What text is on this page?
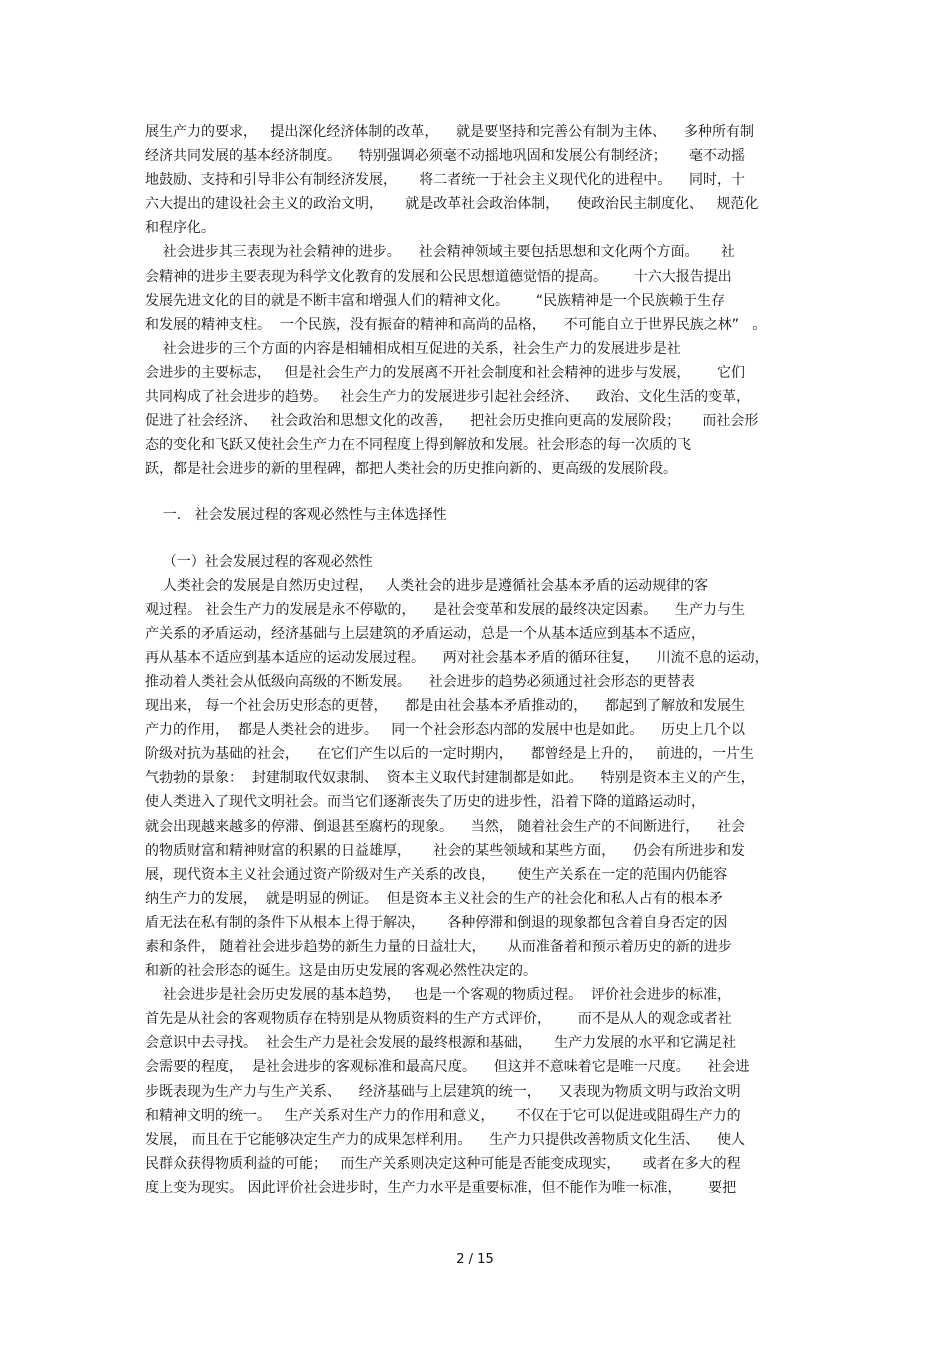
展生产力的要求，   提出深化经济体制的改革，    就是要坚持和完善公有制为主体、    多种所有制
经济共同发展的基本经济制度。    特别强调必须毫不动摇地巩固和发展公有制经济；     毫不动摇
地鼓励、支持和引导非公有制经济发展，     将二者统一于社会主义现代化的进程中。    同时，十
六大提出的建设社会主义的政治文明，     就是改革社会政治体制，    使政治民主制度化、   规范化
和程序化。
社会进步其三表现为社会精神的进步。    社会精神领域主要包括思想和文化两个方面。     社
会精神的进步主要表现为科学文化教育的发展和公民思想道德觉悟的提高。      十六大报告提出
发展先进文化的目的就是不断丰富和增强人们的精神文化。      “民族精神是一个民族赖于生存
和发展的精神支柱。  一个民族，没有振奋的精神和高尚的品格，    不可能自立于世界民族之林”   。
社会进步的三个方面的内容是相辅相成相互促进的关系，社会生产力的发展进步是社
会进步的主要标志，   但是社会生产力的发展离不开社会制度和社会精神的进步与发展，      它们
共同构成了社会进步的趋势。   社会生产力的发展进步引起社会经济、    政治、文化生活的变革，
促进了社会经济、   社会政治和思想文化的改善，    把社会历史推向更高的发展阶段；     而社会形
态的变化和飞跃又使社会生产力在不同程度上得到解放和发展。社会形态的每一次质的飞
跃，都是社会进步的新的里程碑，都把人类社会的历史推向新的、更高级的发展阶段。
一.   社会发展过程的客观必然性与主体选择性
（一）社会发展过程的客观必然性
人类社会的发展是自然历史过程，   人类社会的进步是遵循社会基本矛盾的运动规律的客
观过程。 社会生产力的发展是永不停歇的，    是社会变革和发展的最终决定因素。    生产力与生
产关系的矛盾运动，经济基础与上层建筑的矛盾运动，总是一个从基本适应到基本不适应，
再从基本不适应到基本适应的运动发展过程。    两对社会基本矛盾的循环往复，    川流不息的运动，
推动着人类社会从低级向高级的不断发展。    社会进步的趋势必须通过社会形态的更替表
现出来， 每一个社会历史形态的更替，    都是由社会基本矛盾推动的，    都起到了解放和发展生
产力的作用，  都是人类社会的进步。   同一个社会形态内部的发展中也是如此。    历史上几个以
阶级对抗为基础的社会，    在它们产生以后的一定时期内，    都曾经是上升的，   前进的，一片生
气勃勃的景象：  封建制取代奴隶制、  资本主义取代封建制都是如此。    特别是资本主义的产生，
使人类进入了现代文明社会。而当它们逐渐丧失了历史的进步性，沿着下降的道路运动时，
就会出现越来越多的停滞、倒退甚至腐朽的现象。    当然， 随着社会生产的不间断进行，    社会
的物质财富和精神财富的积累的日益雄厚，     社会的某些领域和某些方面，    仍会有所进步和发
展，现代资本主义社会通过资产阶级对生产关系的改良，     使生产关系在一定的范围内仍能容
纳生产力的发展，  就是明显的例证。  但是资本主义社会的生产的社会化和私人占有的根本矛
盾无法在私有制的条件下从根本上得于解决，     各种停滞和倒退的现象都包含着自身否定的因
素和条件， 随着社会进步趋势的新生力量的日益壮大，     从而准备着和预示着历史的新的进步
和新的社会形态的诞生。这是由历史发展的客观必然性决定的。
社会进步是社会历史发展的基本趋势，   也是一个客观的物质过程。  评价社会进步的标准，
首先是从社会的客观物质存在特别是从物质资料的生产方式评价，      而不是从人的观念或者社
会意识中去寻找。  社会生产力是社会发展的最终根源和基础，     生产力发展的水平和它满足社
会需要的程度，  是社会进步的客观标准和最高尺度。    但这并不意味着它是唯一尺度。    社会进
步既表现为生产力与生产关系、    经济基础与上层建筑的统一，    又表现为物质文明与政治文明
和精神文明的统一。   生产关系对生产力的作用和意义，     不仅在于它可以促进或阻碍生产力的
发展， 而且在于它能够决定生产力的成果怎样利用。    生产力只提供改善物质文化生活、    使人
民群众获得物质利益的可能；   而生产关系则决定这种可能是否能变成现实，     或者在多大的程
度上变为现实。 因此评价社会进步时，生产力水平是重要标准，但不能作为唯一标准，      要把
2 / 15
